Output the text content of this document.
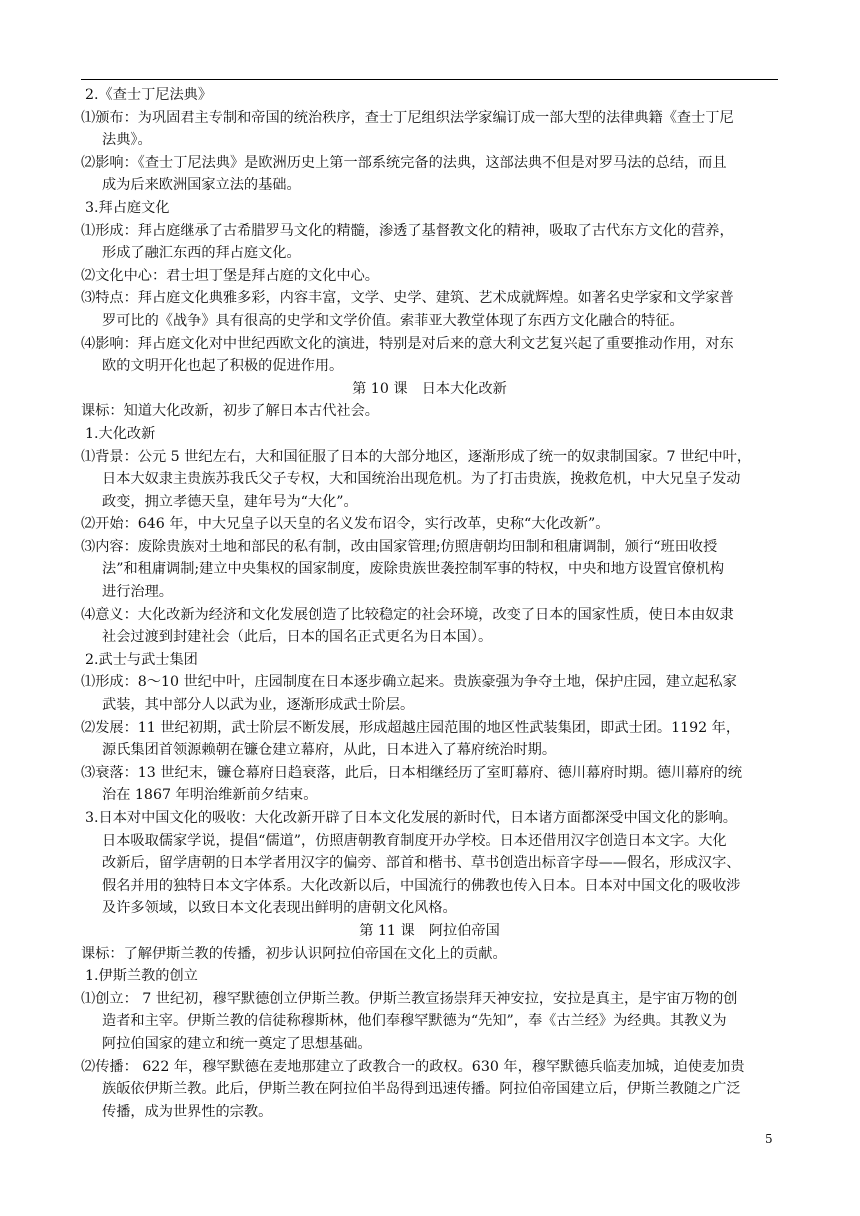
2.《查士丁尼法典》
⑴颁布：为巩固君主专制和帝国的统治秩序，查士丁尼组织法学家编订成一部大型的法律典籍《查士丁尼
法典》。
⑵影响：《查士丁尼法典》是欧洲历史上第一部系统完备的法典，这部法典不但是对罗马法的总结，而且
成为后来欧洲国家立法的基础。
3.拜占庭文化
⑴形成：拜占庭继承了古希腊罗马文化的精髓，渗透了基督教文化的精神，吸取了古代东方文化的营养，
形成了融汇东西的拜占庭文化。
⑵文化中心：君士坦丁堡是拜占庭的文化中心。
⑶特点：拜占庭文化典雅多彩，内容丰富，文学、史学、建筑、艺术成就辉煌。如著名史学家和文学家普
罗可比的《战争》具有很高的史学和文学价值。索菲亚大教堂体现了东西方文化融合的特征。
⑷影响：拜占庭文化对中世纪西欧文化的演进，特别是对后来的意大利文艺复兴起了重要推动作用，对东
欧的文明开化也起了积极的促进作用。
第 10 课　日本大化改新
课标：知道大化改新，初步了解日本古代社会。
1.大化改新
⑴背景：公元 5 世纪左右，大和国征服了日本的大部分地区，逐渐形成了统一的奴隶制国家。7 世纪中叶，
日本大奴隶主贵族苏我氏父子专权，大和国统治出现危机。为了打击贵族，挽救危机，中大兄皇子发动
政变，拥立孝德天皇，建年号为“大化”。
⑵开始：646 年，中大兄皇子以天皇的名义发布诏令，实行改革，史称“大化改新”。
⑶内容：废除贵族对土地和部民的私有制，改由国家管理;仿照唐朝均田制和租庸调制，颁行“班田收授
法”和租庸调制;建立中央集权的国家制度，废除贵族世袭控制军事的特权，中央和地方设置官僚机构
进行治理。
⑷意义：大化改新为经济和文化发展创造了比较稳定的社会环境，改变了日本的国家性质，使日本由奴隶
社会过渡到封建社会（此后，日本的国名正式更名为日本国）。
2.武士与武士集团
⑴形成：8～10 世纪中叶，庄园制度在日本逐步确立起来。贵族豪强为争夺土地，保护庄园，建立起私家
武装，其中部分人以武为业，逐渐形成武士阶层。
⑵发展：11 世纪初期，武士阶层不断发展，形成超越庄园范围的地区性武装集团，即武士团。1192 年，
源氏集团首领源赖朝在镰仓建立幕府，从此，日本进入了幕府统治时期。
⑶衰落：13 世纪末，镰仓幕府日趋衰落，此后，日本相继经历了室町幕府、德川幕府时期。德川幕府的统
治在 1867 年明治维新前夕结束。
3.日本对中国文化的吸收：大化改新开辟了日本文化发展的新时代，日本诸方面都深受中国文化的影响。
日本吸取儒家学说，提倡“儒道”，仿照唐朝教育制度开办学校。日本还借用汉字创造日本文字。大化
改新后，留学唐朝的日本学者用汉字的偏旁、部首和楷书、草书创造出标音字母——假名，形成汉字、
假名并用的独特日本文字体系。大化改新以后，中国流行的佛教也传入日本。日本对中国文化的吸收涉
及许多领域，以致日本文化表现出鲜明的唐朝文化风格。
第 11 课　阿拉伯帝国
课标：了解伊斯兰教的传播，初步认识阿拉伯帝国在文化上的贡献。
1.伊斯兰教的创立
⑴创立： 7 世纪初，穆罕默德创立伊斯兰教。伊斯兰教宣扬崇拜天神安拉，安拉是真主，是宇宙万物的创
造者和主宰。伊斯兰教的信徒称穆斯林，他们奉穆罕默德为“先知”，奉《古兰经》为经典。其教义为
阿拉伯国家的建立和统一奠定了思想基础。
⑵传播： 622 年，穆罕默德在麦地那建立了政教合一的政权。630 年，穆罕默德兵临麦加城，迫使麦加贵
族皈依伊斯兰教。此后，伊斯兰教在阿拉伯半岛得到迅速传播。阿拉伯帝国建立后，伊斯兰教随之广泛
传播，成为世界性的宗教。
5
